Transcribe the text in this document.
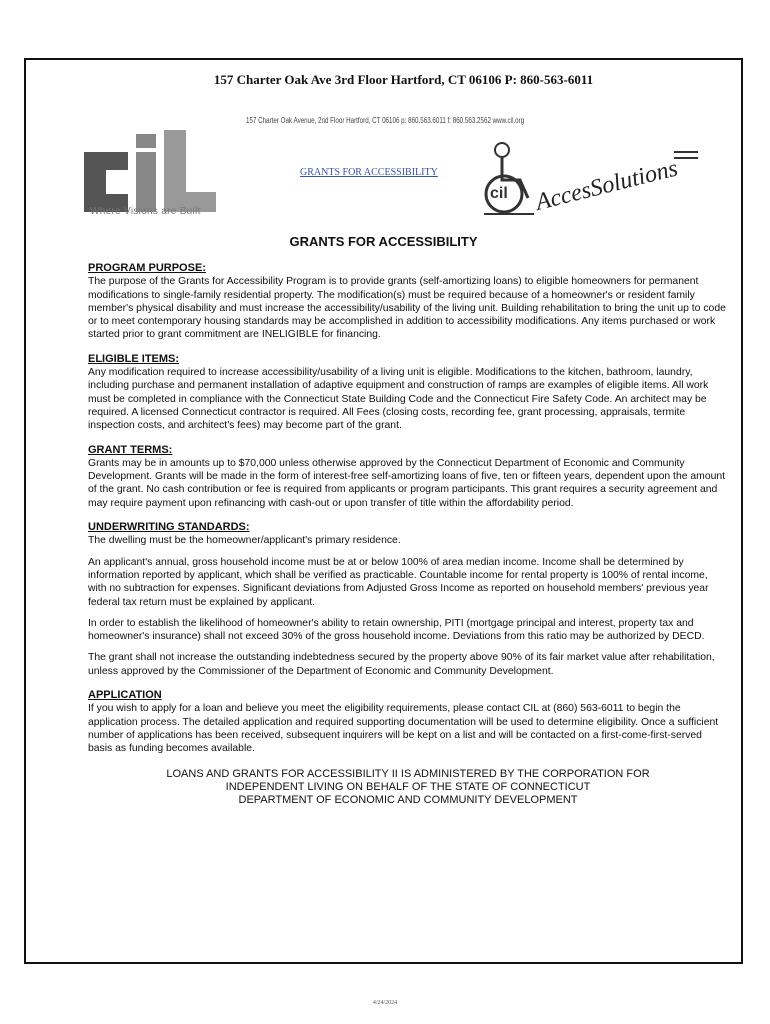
157 Charter Oak Ave 3rd Floor Hartford, CT 06106 P: 860-563-6011
cil
Where Visions are Built
157 Charter Oak Avenue, 2nd Floor Hartford, CT 06106 p: 860.563.6011 f: 860.563.2562 www.cil.org
GRANTS FOR ACCESSIBILITY
cil AccesSolutions
GRANTS FOR ACCESSIBILITY
PROGRAM PURPOSE:

The purpose of the Grants for Accessibility Program is to provide grants (self-amortizing loans) to eligible homeowners for permanent modifications to single-family residential property. The modification(s) must be required because of a homeowner's or resident family member's physical disability and must increase the accessibility/usability of the living unit. Building rehabilitation to bring the unit up to code or to meet contemporary housing standards may be accomplished in addition to accessibility modifications. Any items purchased or work started prior to grant commitment are INELIGIBLE for financing.

ELIGIBLE ITEMS:

Any modification required to increase accessibility/usability of a living unit is eligible. Modifications to the kitchen, bathroom, laundry, including purchase and permanent installation of adaptive equipment and construction of ramps are examples of eligible items. All work must be completed in compliance with the Connecticut State Building Code and the Connecticut Fire Safety Code. An architect may be required. A licensed Connecticut contractor is required. All Fees (closing costs, recording fee, grant processing, appraisals, termite inspection costs, and architect's fees) may become part of the grant.

GRANT TERMS:

Grants may be in amounts up to $70,000 unless otherwise approved by the Connecticut Department of Economic and Community Development. Grants will be made in the form of interest-free self-amortizing loans of five, ten or fifteen years, dependent upon the amount of the grant. No cash contribution or fee is required from applicants or program participants. This grant requires a security agreement and may require payment upon refinancing with cash-out or upon transfer of title within the affordability period.

UNDERWRITING STANDARDS:

The dwelling must be the homeowner/applicant's primary residence.

An applicant's annual, gross household income must be at or below 100% of area median income. Income shall be determined by information reported by applicant, which shall be verified as practicable. Countable income for rental property is 100% of rental income, with no subtraction for expenses. Significant deviations from Adjusted Gross Income as reported on household members' previous year federal tax return must be explained by applicant.

In order to establish the likelihood of homeowner's ability to retain ownership, PITI (mortgage principal and interest, property tax and homeowner's insurance) shall not exceed 30% of the gross household income. Deviations from this ratio may be authorized by DECD.

The grant shall not increase the outstanding indebtedness secured by the property above 90% of its fair market value after rehabilitation, unless approved by the Commissioner of the Department of Economic and Community Development.

APPLICATION

If you wish to apply for a loan and believe you meet the eligibility requirements, please contact CIL at (860) 563-6011 to begin the application process. The detailed application and required supporting documentation will be used to determine eligibility. Once a sufficient number of applications has been received, subsequent inquirers will be kept on a list and will be contacted on a first-come-first-served basis as funding becomes available.

LOANS AND GRANTS FOR ACCESSIBILITY II IS ADMINISTERED BY THE CORPORATION FOR
INDEPENDENT LIVING ON BEHALF OF THE STATE OF CONNECTICUT
DEPARTMENT OF ECONOMIC AND COMMUNITY DEVELOPMENT
4/24/2024
